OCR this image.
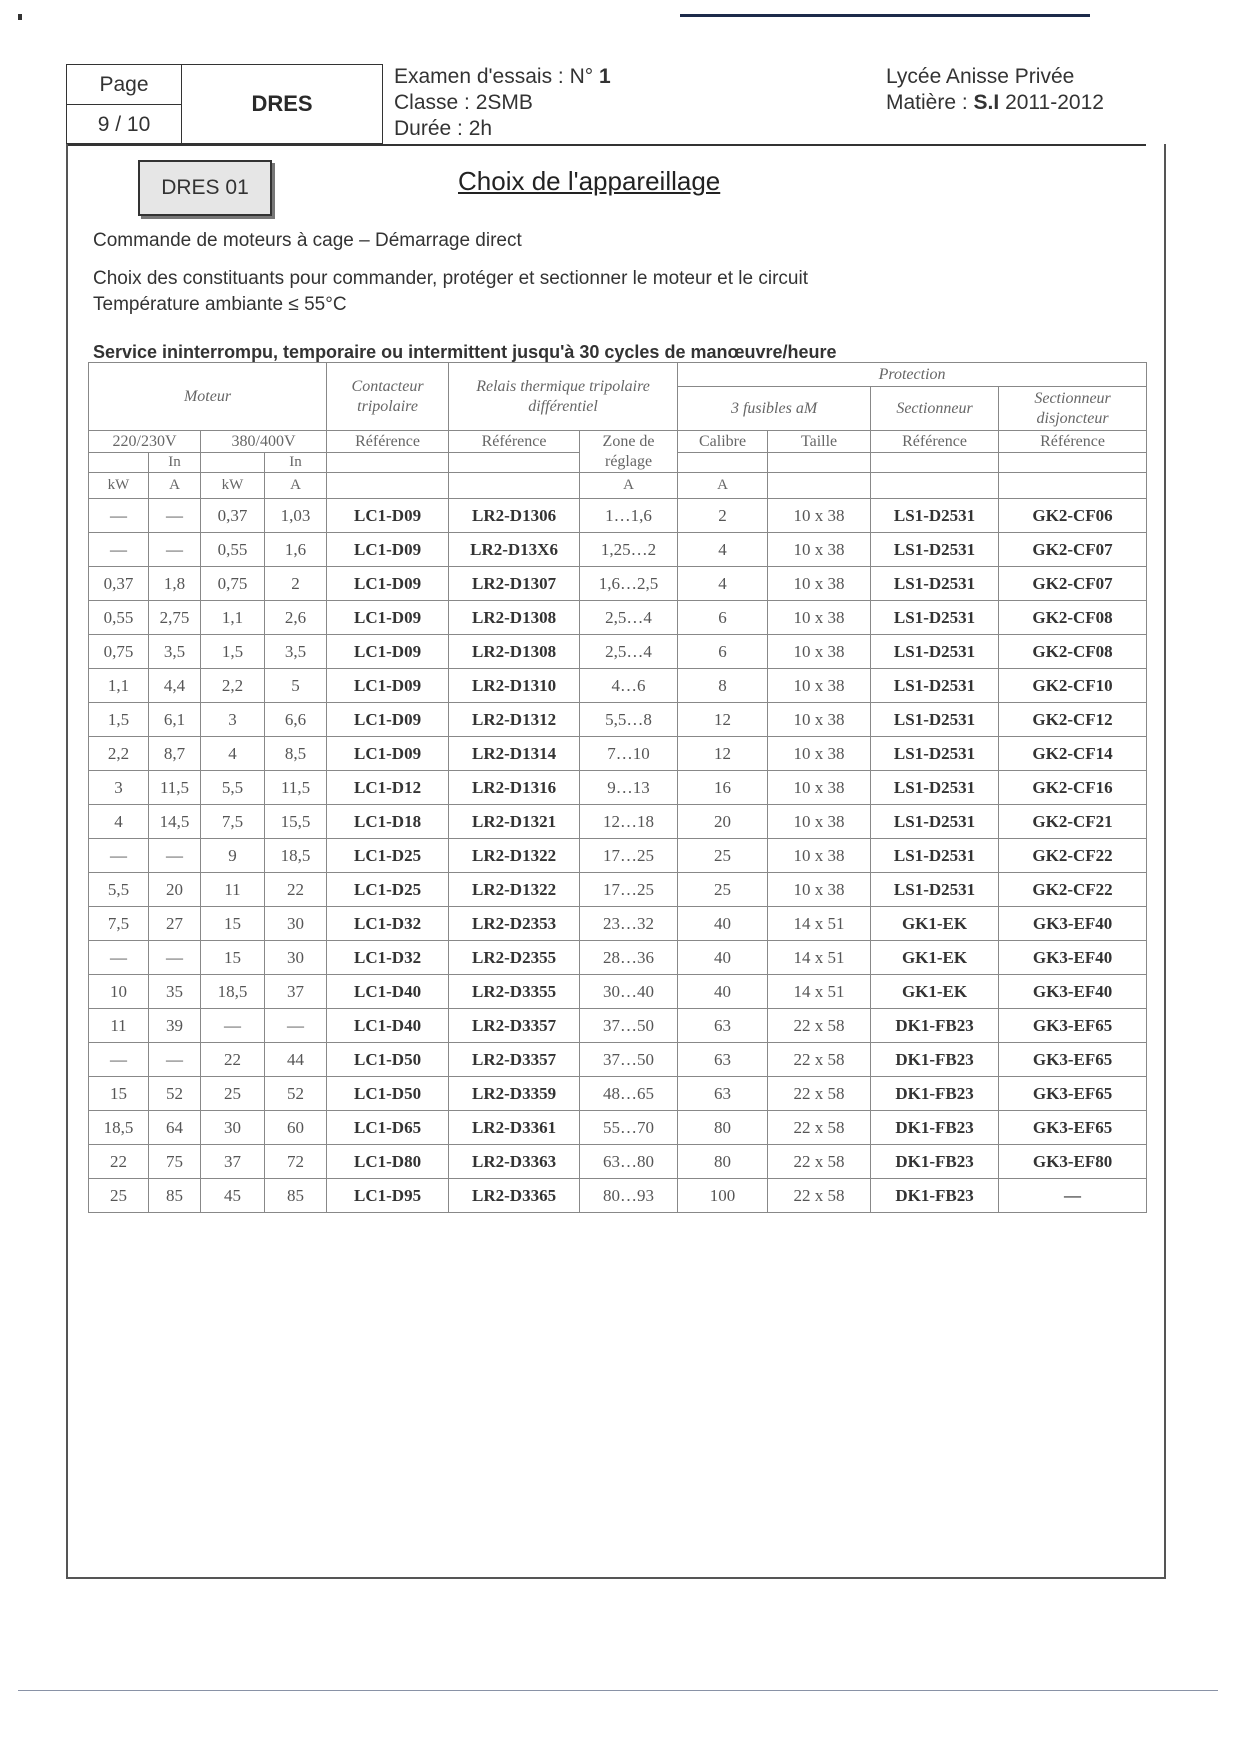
Page
9 / 10
DRES
Examen d'essais : N° 1
Classe : 2SMB
Durée : 2h
Lycée Anisse Privée
Matière : S.I 2011-2012
DRES 01	Choix de l'appareillage
Commande de moteurs à cage – Démarrage direct
Choix des constituants pour commander, protéger et sectionner le moteur et le circuit
Température ambiante ≤ 55°C
Service ininterrompu, temporaire ou intermittent jusqu'à 30 cycles de manœuvre/heure
Moteur				Contacteur tripolaire	Relais thermique tripolaire différentiel		Protection			
							3 fusibles aM		Sectionneur	Sectionneur disjoncteur
220/230V		380/400V		Référence	Référence	Zone de réglage	Calibre	Taille	Référence	Référence
	In		In							
kW	A	kW	A			A	A			
—	—	0,37	1,03	LC1-D09	LR2-D1306	1…1,6	2	10 x 38	LS1-D2531	GK2-CF06
—	—	0,55	1,6	LC1-D09	LR2-D13X6	1,25…2	4	10 x 38	LS1-D2531	GK2-CF07
0,37	1,8	0,75	2	LC1-D09	LR2-D1307	1,6…2,5	4	10 x 38	LS1-D2531	GK2-CF07
0,55	2,75	1,1	2,6	LC1-D09	LR2-D1308	2,5…4	6	10 x 38	LS1-D2531	GK2-CF08
0,75	3,5	1,5	3,5	LC1-D09	LR2-D1308	2,5…4	6	10 x 38	LS1-D2531	GK2-CF08
1,1	4,4	2,2	5	LC1-D09	LR2-D1310	4…6	8	10 x 38	LS1-D2531	GK2-CF10
1,5	6,1	3	6,6	LC1-D09	LR2-D1312	5,5…8	12	10 x 38	LS1-D2531	GK2-CF12
2,2	8,7	4	8,5	LC1-D09	LR2-D1314	7…10	12	10 x 38	LS1-D2531	GK2-CF14
3	11,5	5,5	11,5	LC1-D12	LR2-D1316	9…13	16	10 x 38	LS1-D2531	GK2-CF16
4	14,5	7,5	15,5	LC1-D18	LR2-D1321	12…18	20	10 x 38	LS1-D2531	GK2-CF21
—	—	9	18,5	LC1-D25	LR2-D1322	17…25	25	10 x 38	LS1-D2531	GK2-CF22
5,5	20	11	22	LC1-D25	LR2-D1322	17…25	25	10 x 38	LS1-D2531	GK2-CF22
7,5	27	15	30	LC1-D32	LR2-D2353	23…32	40	14 x 51	GK1-EK	GK3-EF40
—	—	15	30	LC1-D32	LR2-D2355	28…36	40	14 x 51	GK1-EK	GK3-EF40
10	35	18,5	37	LC1-D40	LR2-D3355	30…40	40	14 x 51	GK1-EK	GK3-EF40
11	39	—	—	LC1-D40	LR2-D3357	37…50	63	22 x 58	DK1-FB23	GK3-EF65
—	—	22	44	LC1-D50	LR2-D3357	37…50	63	22 x 58	DK1-FB23	GK3-EF65
15	52	25	52	LC1-D50	LR2-D3359	48…65	63	22 x 58	DK1-FB23	GK3-EF65
18,5	64	30	60	LC1-D65	LR2-D3361	55…70	80	22 x 58	DK1-FB23	GK3-EF65
22	75	37	72	LC1-D80	LR2-D3363	63…80	80	22 x 58	DK1-FB23	GK3-EF80
25	85	45	85	LC1-D95	LR2-D3365	80…93	100	22 x 58	DK1-FB23	—
